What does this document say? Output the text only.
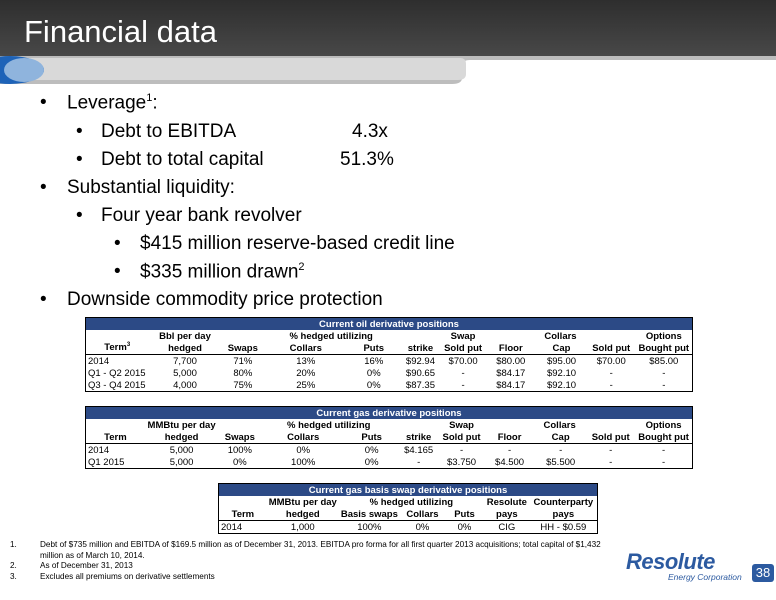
Financial data
• Leverage$^1$:
• Debt to EBITDA	4.3x
• Debt to total capital	51.3%
• Substantial liquidity:
• Four year bank revolver
• $415 million reserve-based credit line
• $335 million drawn$^2$
• Downside commodity price protection
Current oil derivative positions										
	Bbl per day	% hedged utilizing				Swap	Collars			Options
Term$^3$	hedged	Swaps	Collars	Puts	strike	Sold put	Floor	Cap	Sold put	Bought put
2014	7,700	71%	13%	16%	$92.94	$70.00	$80.00	$95.00	$70.00	$85.00
Q1 - Q2 2015	5,000	80%	20%	0%	$90.65	-	$84.17	$92.10	-	-
Q3 - Q4 2015	4,000	75%	25%	0%	$87.35	-	$84.17	$92.10	-	-
Current gas derivative positions										
	MMBtu per day	% hedged utilizing				Swap	Collars			Options
Term	hedged	Swaps	Collars	Puts	strike	Sold put	Floor	Cap	Sold put	Bought put
2014	5,000	100%	0%	0%	$4.165	-	-	-	-	-
Q1 2015	5,000	0%	100%	0%	-	$3.750	$4.500	$5.500	-	-
Current gas basis swap derivative positions						
	MMBtu per day	% hedged utilizing			Resolute	Counterparty
Term	hedged	Basis swaps	Collars	Puts	pays	pays
2014	1,000	100%	0%	0%	CIG	HH - $0.59
1.	Debt of $735 million and EBITDA of $169.5 million as of December 31, 2013. EBITDA pro forma for all first quarter 2013 acquisitions; total capital of $1,432 million as of March 10, 2014.
2.	As of December 31, 2013
3.	Excludes all premiums on derivative settlements
Resolute
Energy Corporation 38
